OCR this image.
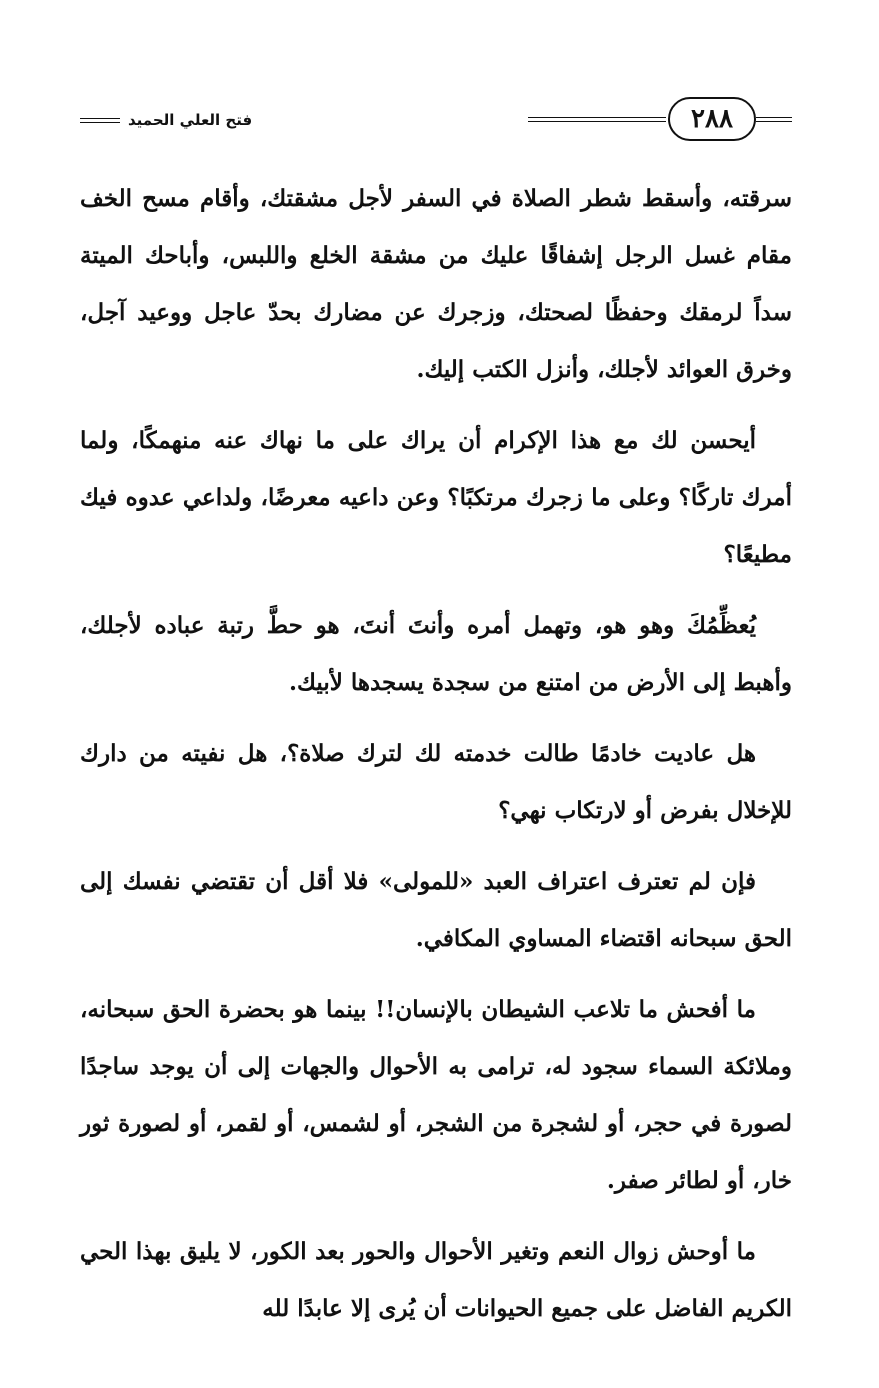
فتح العلي الحميد	٢٨٨

سرقته، وأسقط شطر الصلاة في السفر لأجل مشقتك، وأقام مسح الخف مقام غسل الرجل إشفاقًا عليك من مشقة الخلع واللبس، وأباحك الميتة سداً لرمقك وحفظًا لصحتك، وزجرك عن مضارك بحدّ عاجل ووعيد آجل، وخرق العوائد لأجلك، وأنزل الكتب إليك.

أيحسن لك مع هذا الإكرام أن يراك على ما نهاك عنه منهمكًا، ولما أمرك تاركًا؟ وعلى ما زجرك مرتكبًا؟ وعن داعيه معرضًا، ولداعي عدوه فيك مطيعًا؟

يُعظِّمُكَ وهو هو، وتهمل أمره وأنتَ أنتَ، هو حطَّ رتبة عباده لأجلك، وأهبط إلى الأرض من امتنع من سجدة يسجدها لأبيك.

هل عاديت خادمًا طالت خدمته لك لترك صلاة؟، هل نفيته من دارك للإخلال بفرض أو لارتكاب نهي؟

فإن لم تعترف اعتراف العبد «للمولى» فلا أقل أن تقتضي نفسك إلى الحق سبحانه اقتضاء المساوي المكافي.

ما أفحش ما تلاعب الشيطان بالإنسان!! بينما هو بحضرة الحق سبحانه، وملائكة السماء سجود له، ترامى به الأحوال والجهات إلى أن يوجد ساجدًا لصورة في حجر، أو لشجرة من الشجر، أو لشمس، أو لقمر، أو لصورة ثور خار، أو لطائر صفر.

ما أوحش زوال النعم وتغير الأحوال والحور بعد الكور، لا يليق بهذا الحي الكريم الفاضل على جميع الحيوانات أن يُرى إلا عابدًا لله
